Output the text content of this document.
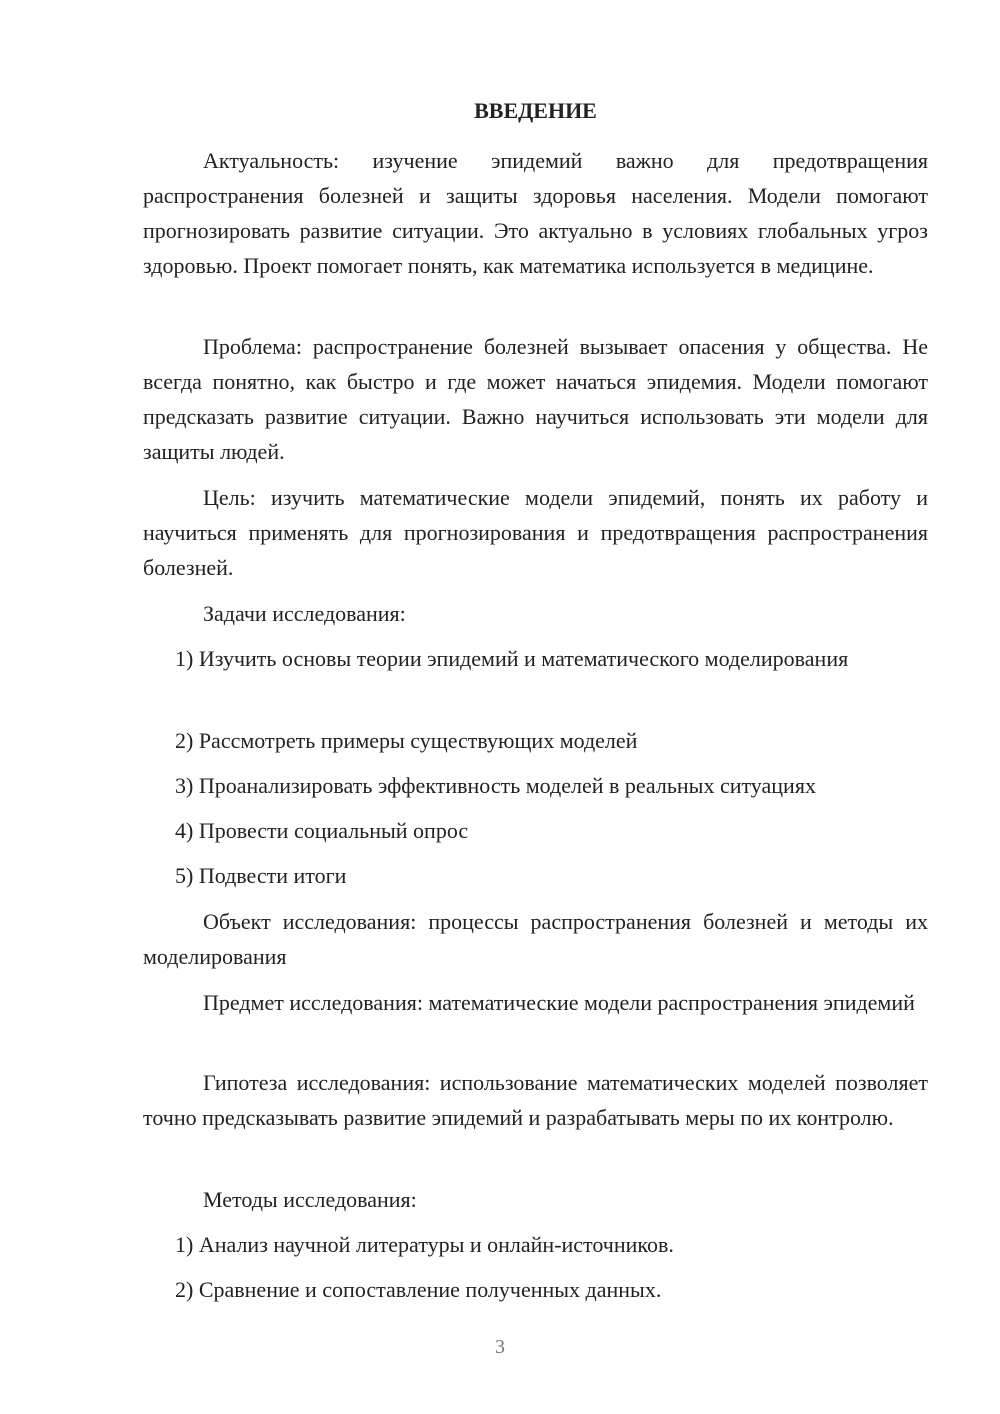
ВВЕДЕНИЕ

Актуальность: изучение эпидемий важно для предотвращения распространения болезней и защиты здоровья населения. Модели помогают прогнозировать развитие ситуации. Это актуально в условиях глобальных угроз здоровью. Проект помогает понять, как математика используется в медицине.

Проблема: распространение болезней вызывает опасения у общества. Не всегда понятно, как быстро и где может начаться эпидемия. Модели помогают предсказать развитие ситуации. Важно научиться использовать эти модели для защиты людей.

Цель: изучить математические модели эпидемий, понять их работу и научиться применять для прогнозирования и предотвращения распространения болезней.

Задачи исследования:

1) Изучить основы теории эпидемий и математического моделирования

2) Рассмотреть примеры существующих моделей

3) Проанализировать эффективность моделей в реальных ситуациях

4) Провести социальный опрос

5) Подвести итоги

Объект исследования: процессы распространения болезней и методы их моделирования

Предмет исследования: математические модели распространения эпидемий

Гипотеза исследования: использование математических моделей позволяет точно предсказывать развитие эпидемий и разрабатывать меры по их контролю.

Методы исследования:

1) Анализ научной литературы и онлайн-источников.

2) Сравнение и сопоставление полученных данных.

3
